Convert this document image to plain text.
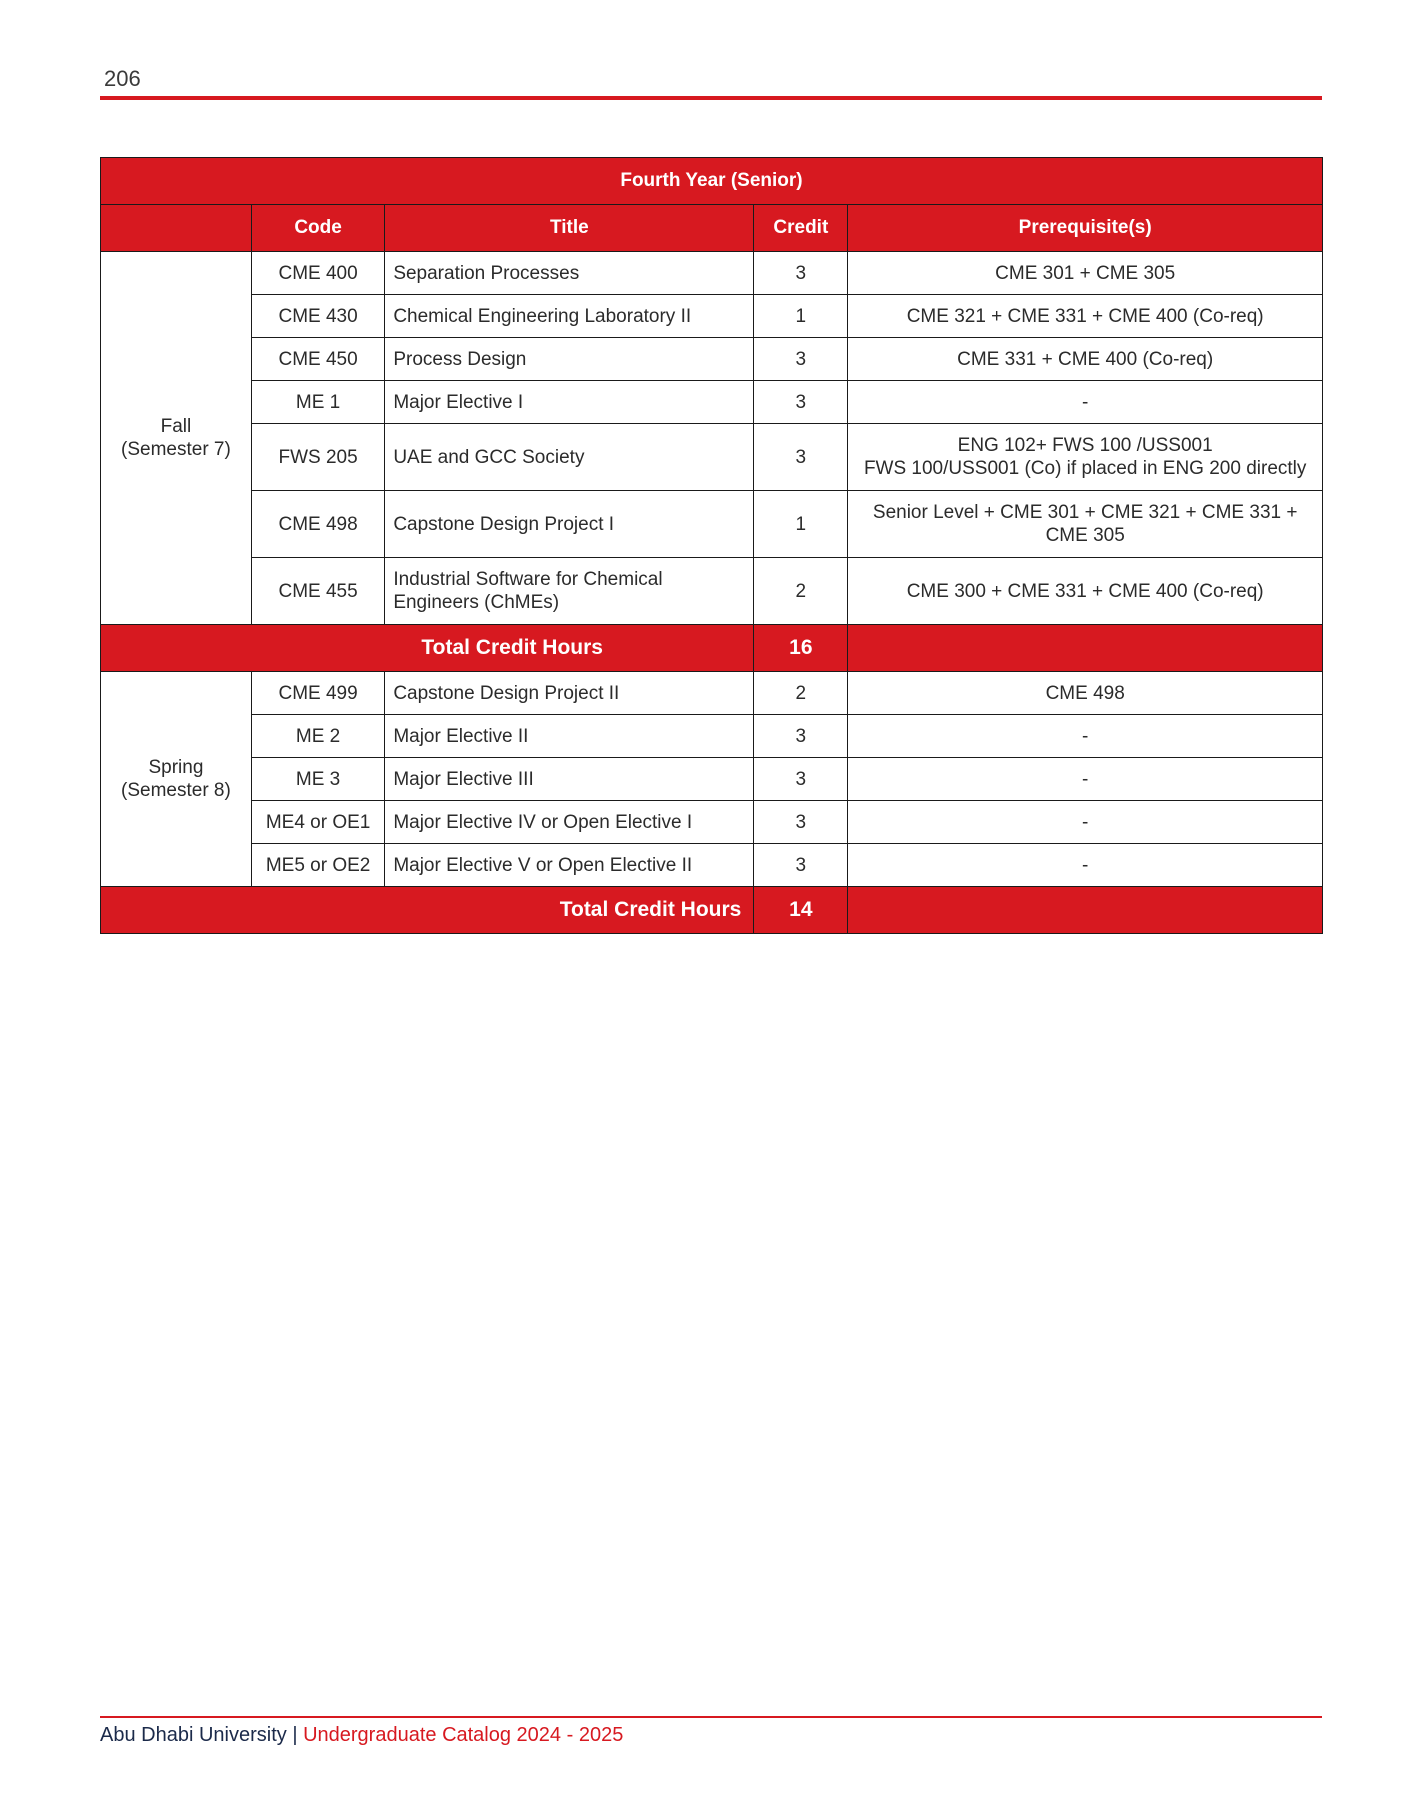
206
Fourth Year (Senior)				
	Code	Title	Credit	Prerequisite(s)

Fall
(Semester 7)	CME 400	Separation Processes	3	CME 301 + CME 305
	CME 430	Chemical Engineering Laboratory II	1	CME 321 + CME 331 + CME 400 (Co-req)
	CME 450	Process Design	3	CME 331 + CME 400 (Co-req)
	ME 1	Major Elective I	3	-
	FWS 205	UAE and GCC Society	3	ENG 102+ FWS 100 /USS001
FWS 100/USS001 (Co) if placed in ENG 200 directly

	CME 498	Capstone Design Project I	1	Senior Level + CME 301 + CME 321 + CME 331 +
CME 305

	CME 455	Industrial Software for Chemical
Engineers (ChMEs)	2	CME 300 + CME 331 + CME 400 (Co-req)
Total Credit Hours			16	

Spring
(Semester 8)	CME 499	Capstone Design Project II	2	CME 498
	ME 2	Major Elective II	3	-
	ME 3	Major Elective III	3	-
	ME4 or OE1	Major Elective IV or Open Elective I	3	-
	ME5 or OE2	Major Elective V or Open Elective II	3	-
Total Credit Hours			14	
Abu Dhabi University | Undergraduate Catalog 2024 - 2025
